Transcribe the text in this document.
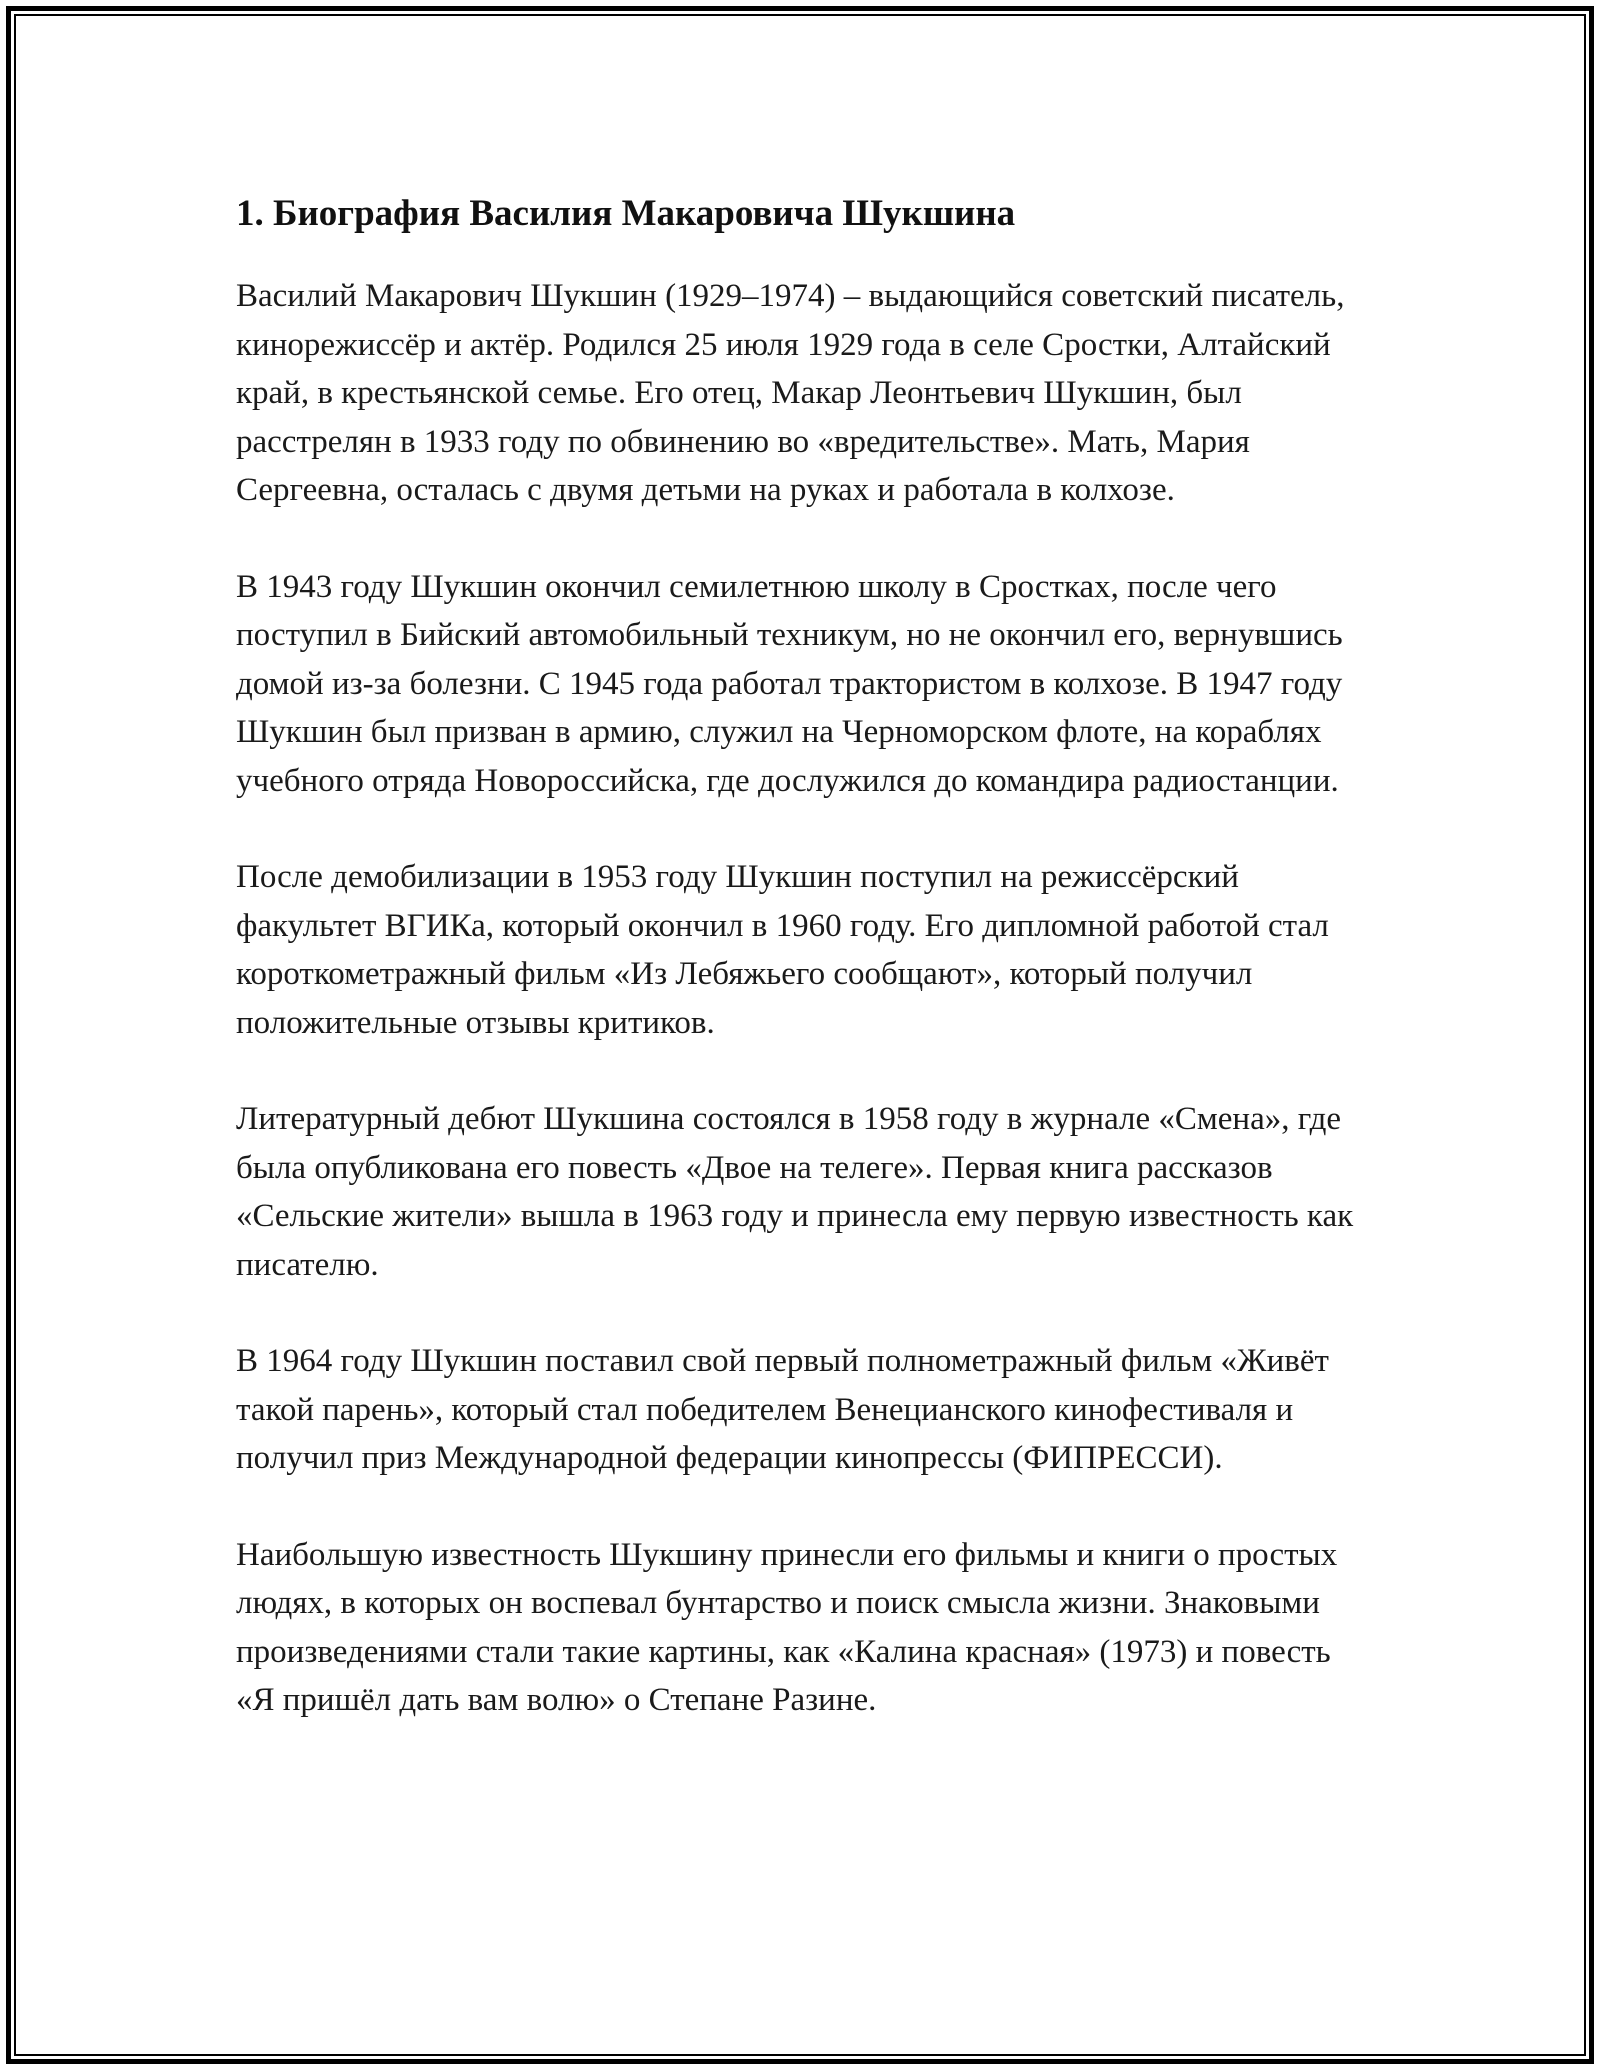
1. Биография Василия Макаровича Шукшина

Василий Макарович Шукшин (1929–1974) – выдающийся советский писатель, кинорежиссёр и актёр. Родился 25 июля 1929 года в селе Сростки, Алтайский край, в крестьянской семье. Его отец, Макар Леонтьевич Шукшин, был расстрелян в 1933 году по обвинению во «вредительстве». Мать, Мария Сергеевна, осталась с двумя детьми на руках и работала в колхозе.

В 1943 году Шукшин окончил семилетнюю школу в Сростках, после чего поступил в Бийский автомобильный техникум, но не окончил его, вернувшись домой из-за болезни. С 1945 года работал трактористом в колхозе. В 1947 году Шукшин был призван в армию, служил на Черноморском флоте, на кораблях учебного отряда Новороссийска, где дослужился до командира радиостанции.

После демобилизации в 1953 году Шукшин поступил на режиссёрский факультет ВГИКа, который окончил в 1960 году. Его дипломной работой стал короткометражный фильм «Из Лебяжьего сообщают», который получил положительные отзывы критиков.

Литературный дебют Шукшина состоялся в 1958 году в журнале «Смена», где была опубликована его повесть «Двое на телеге». Первая книга рассказов «Сельские жители» вышла в 1963 году и принесла ему первую известность как писателю.

В 1964 году Шукшин поставил свой первый полнометражный фильм «Живёт такой парень», который стал победителем Венецианского кинофестиваля и получил приз Международной федерации кинопрессы (ФИПРЕССИ).

Наибольшую известность Шукшину принесли его фильмы и книги о простых людях, в которых он воспевал бунтарство и поиск смысла жизни. Знаковыми произведениями стали такие картины, как «Калина красная» (1973) и повесть «Я пришёл дать вам волю» о Степане Разине.
